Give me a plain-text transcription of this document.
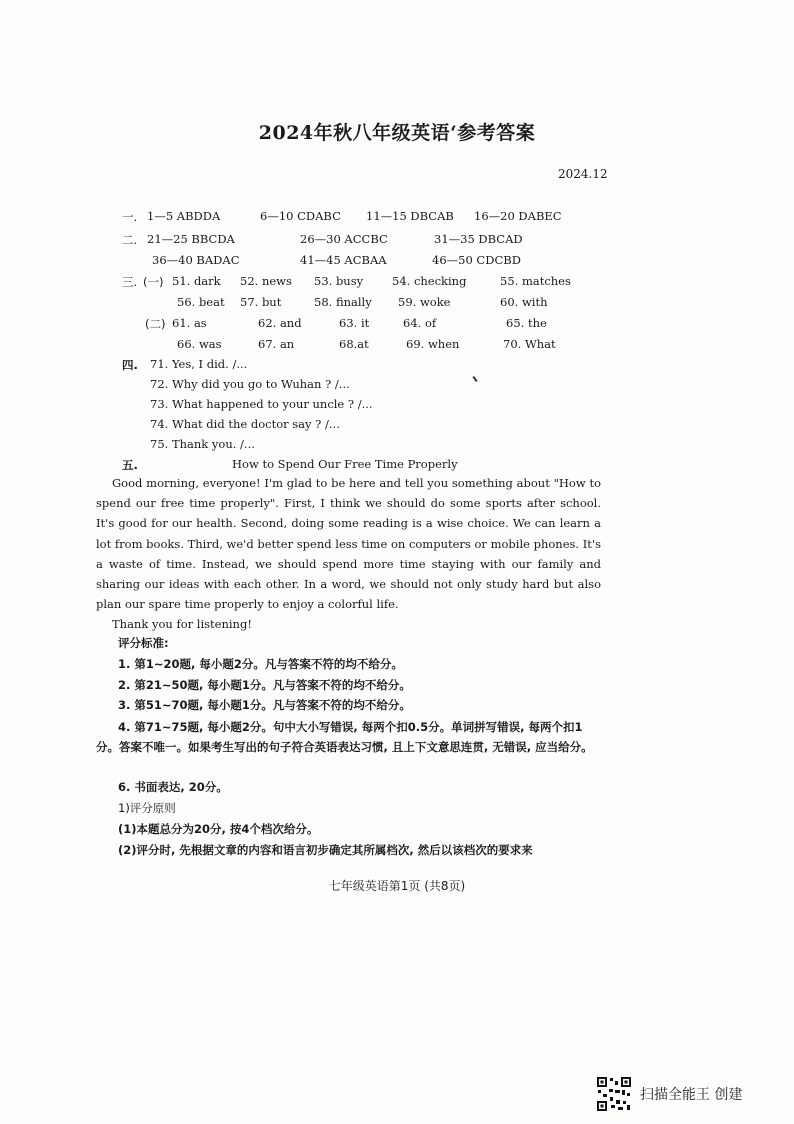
2024年秋八年级英语‘参考答案
2024.12
一. 1—5 ABDDA	6—10 CDABC 11—15 DBCAB 16—20 DABEC
二. 21—25 BBCDA	26—30 ACCBC	31—35 DBCAD
36—40 BADAC	41—45 ACBAA	46—50 CDCBD
三. (一) 51. dark 52. news 53. busy	54. checking	55. matches
56. beat 57. but	58. finally 59. woke	60. with
(二) 61. as	62. and	63. it	64. of	65. the
66. was	67. an	68.at	69. when	70. What
四. 71. Yes, I did. /...
72. Why did you go to Wuhan ? /...
73. What happened to your uncle ? /...
74. What did the doctor say ? /...
75. Thank you. /...
五.	How to Spend Our Free Time Properly

Good morning, everyone! I'm glad to be here and tell you something about "How to spend our free time properly". First, I think we should do some sports after school. It's good for our health. Second, doing some reading is a wise choice. We can learn a lot from books. Third, we'd better spend less time on computers or mobile phones. It's a waste of time. Instead, we should spend more time staying with our family and sharing our ideas with each other. In a word, we should not only study hard but also plan our spare time properly to enjoy a colorful life.

Thank you for listening!

评分标准:
1. 第1~20题, 每小题2分。凡与答案不符的均不给分。
2. 第21~50题, 每小题1分。凡与答案不符的均不给分。
3. 第51~70题, 每小题1分。凡与答案不符的均不给分。
4. 第71~75题, 每小题2分。句中大小写错误, 每两个扣0.5分。单词拼写错误, 每两个扣1分。答案不唯一。如果考生写出的句子符合英语表达习惯, 且上下文意思连贯, 无错误, 应当给分。
6. 书面表达, 20分。
1)评分原则
(1)本题总分为20分, 按4个档次给分。
(2)评分时, 先根据文章的内容和语言初步确定其所属档次, 然后以该档次的要求来
七年级英语第1页 (共8页)
扫描全能王 创建
